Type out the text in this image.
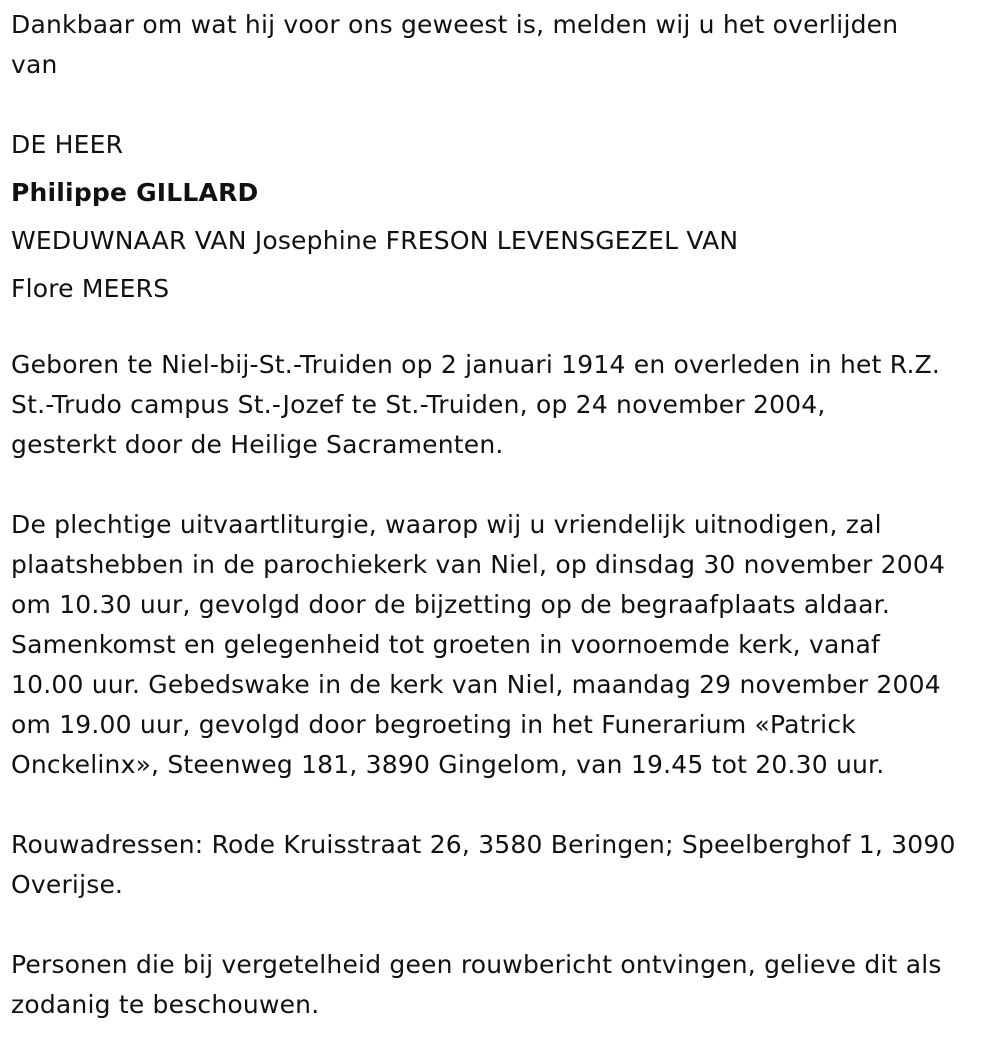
Dankbaar om wat hij voor ons geweest is, melden wij u het overlijden
van

DE HEER
Philippe GILLARD
WEDUWNAAR VAN Josephine FRESON LEVENSGEZEL VAN
Flore MEERS

Geboren te Niel-bij-St.-Truiden op 2 januari 1914 en overleden in het R.Z.
St.-Trudo campus St.-Jozef te St.-Truiden, op 24 november 2004,
gesterkt door de Heilige Sacramenten.

De plechtige uitvaartliturgie, waarop wij u vriendelijk uitnodigen, zal
plaatshebben in de parochiekerk van Niel, op dinsdag 30 november 2004
om 10.30 uur, gevolgd door de bijzetting op de begraafplaats aldaar.
Samenkomst en gelegenheid tot groeten in voornoemde kerk, vanaf
10.00 uur. Gebedswake in de kerk van Niel, maandag 29 november 2004
om 19.00 uur, gevolgd door begroeting in het Funerarium «Patrick
Onckelinx», Steenweg 181, 3890 Gingelom, van 19.45 tot 20.30 uur.

Rouwadressen: Rode Kruisstraat 26, 3580 Beringen; Speelberghof 1, 3090
Overijse.

Personen die bij vergetelheid geen rouwbericht ontvingen, gelieve dit als
zodanig te beschouwen.
